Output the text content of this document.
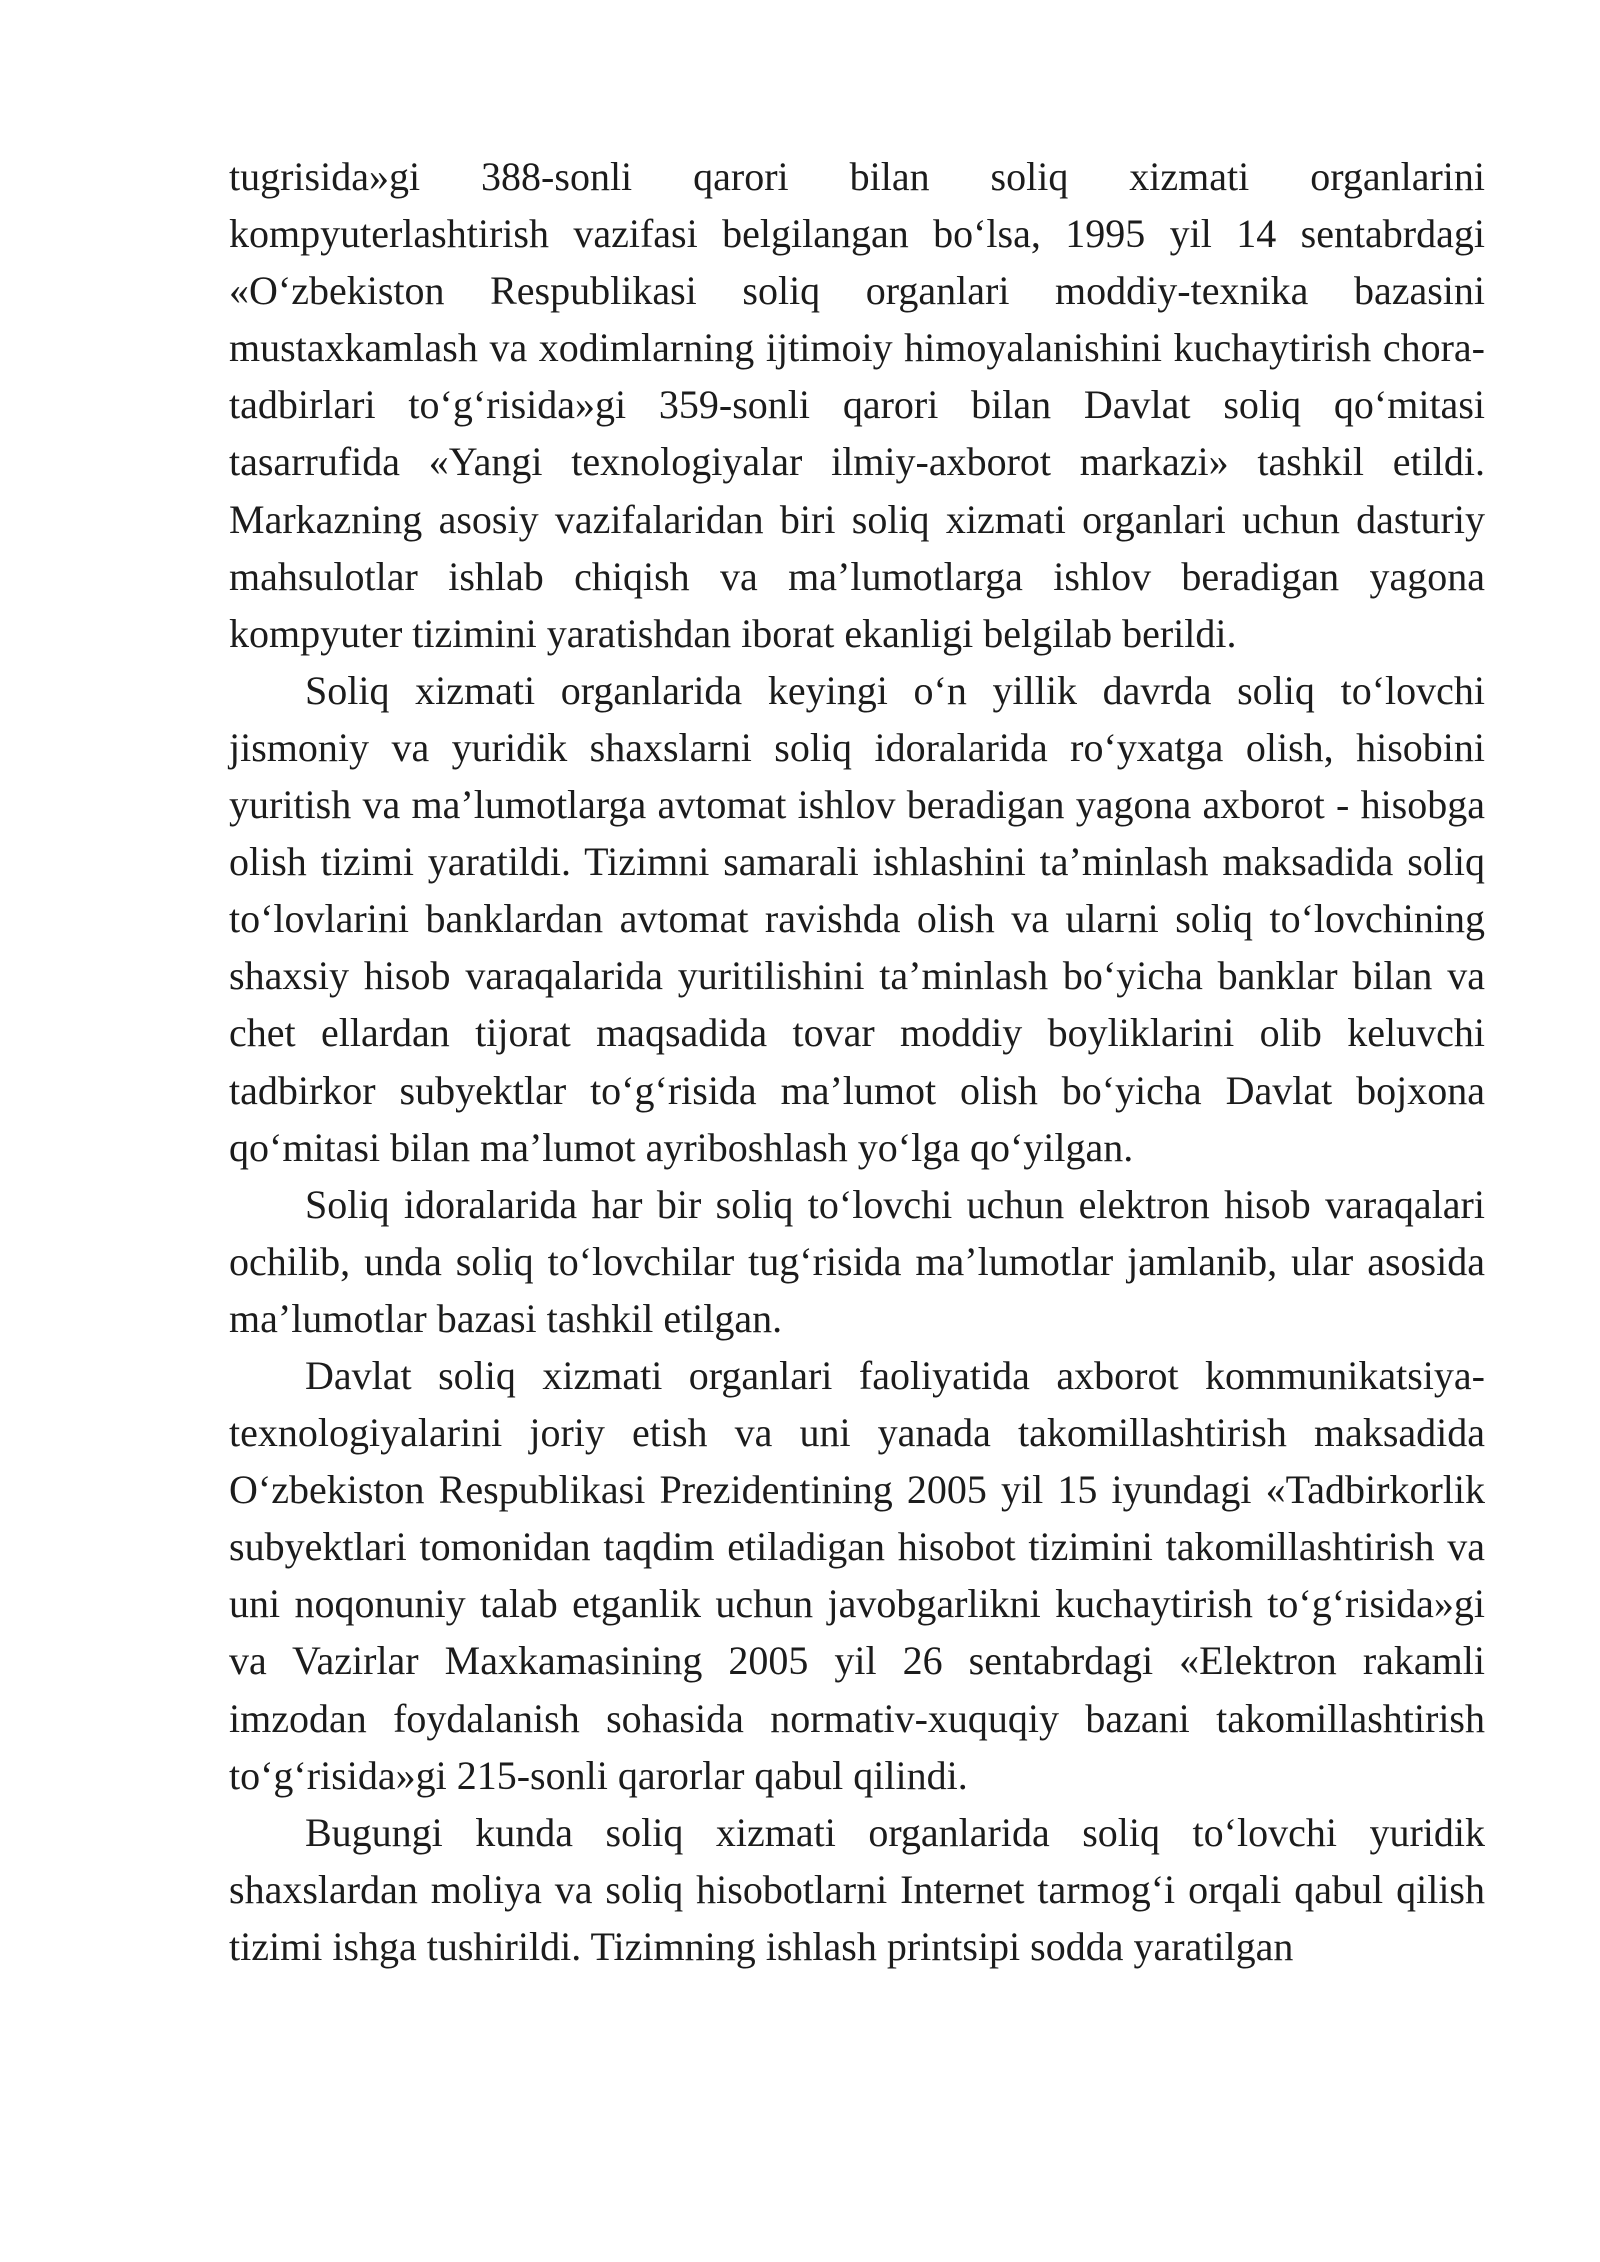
tugrisida»gi 388-sonli qarori bilan soliq xizmati organlarini kompyuterlashtirish vazifasi belgilangan bo‘lsa, 1995 yil 14 sentabrdagi «O‘zbekiston Respublikasi soliq organlari moddiy-texnika bazasini mustaxkamlash va xodimlarning ijtimoiy himoyalanishini kuchaytirish chora-tadbirlari to‘g‘risida»gi 359-sonli qarori bilan Davlat soliq qo‘mitasi tasarrufida «Yangi texnologiyalar ilmiy-axborot markazi» tashkil etildi. Markazning asosiy vazifalaridan biri soliq xizmati organlari uchun dasturiy mahsulotlar ishlab chiqish va ma’lumotlarga ishlov beradigan yagona kompyuter tizimini yaratishdan iborat ekanligi belgilab berildi.

Soliq xizmati organlarida keyingi o‘n yillik davrda soliq to‘lovchi jismoniy va yuridik shaxslarni soliq idoralarida ro‘yxatga olish, hisobini yuritish va ma’lumotlarga avtomat ishlov beradigan yagona axborot - hisobga olish tizimi yaratildi. Tizimni samarali ishlashini ta’minlash maksadida soliq to‘lovlarini banklardan avtomat ravishda olish va ularni soliq to‘lovchining shaxsiy hisob varaqalarida yuritilishini ta’minlash bo‘yicha banklar bilan va chet ellardan tijorat maqsadida tovar moddiy boyliklarini olib keluvchi tadbirkor subyektlar to‘g‘risida ma’lumot olish bo‘yicha Davlat bojxona qo‘mitasi bilan ma’lumot ayriboshlash yo‘lga qo‘yilgan.

Soliq idoralarida har bir soliq to‘lovchi uchun elektron hisob varaqalari ochilib, unda soliq to‘lovchilar tug‘risida ma’lumotlar jamlanib, ular asosida ma’lumotlar bazasi tashkil etilgan.

Davlat soliq xizmati organlari faoliyatida axborot kommunikatsiya-texnologiyalarini joriy etish va uni yanada takomillashtirish maksadida O‘zbekiston Respublikasi Prezidentining 2005 yil 15 iyundagi «Tadbirkorlik subyektlari tomonidan taqdim etiladigan hisobot tizimini takomillashtirish va uni noqonuniy talab etganlik uchun javobgarlikni kuchaytirish to‘g‘risida»gi va Vazirlar Maxkamasining 2005 yil 26 sentabrdagi «Elektron rakamli imzodan foydalanish sohasida normativ-xuquqiy bazani takomillashtirish to‘g‘risida»gi 215-sonli qarorlar qabul qilindi.

Bugungi kunda soliq xizmati organlarida soliq to‘lovchi yuridik shaxslardan moliya va soliq hisobotlarni Internet tarmog‘i orqali qabul qilish tizimi ishga tushirildi. Tizimning ishlash printsipi sodda yaratilgan
